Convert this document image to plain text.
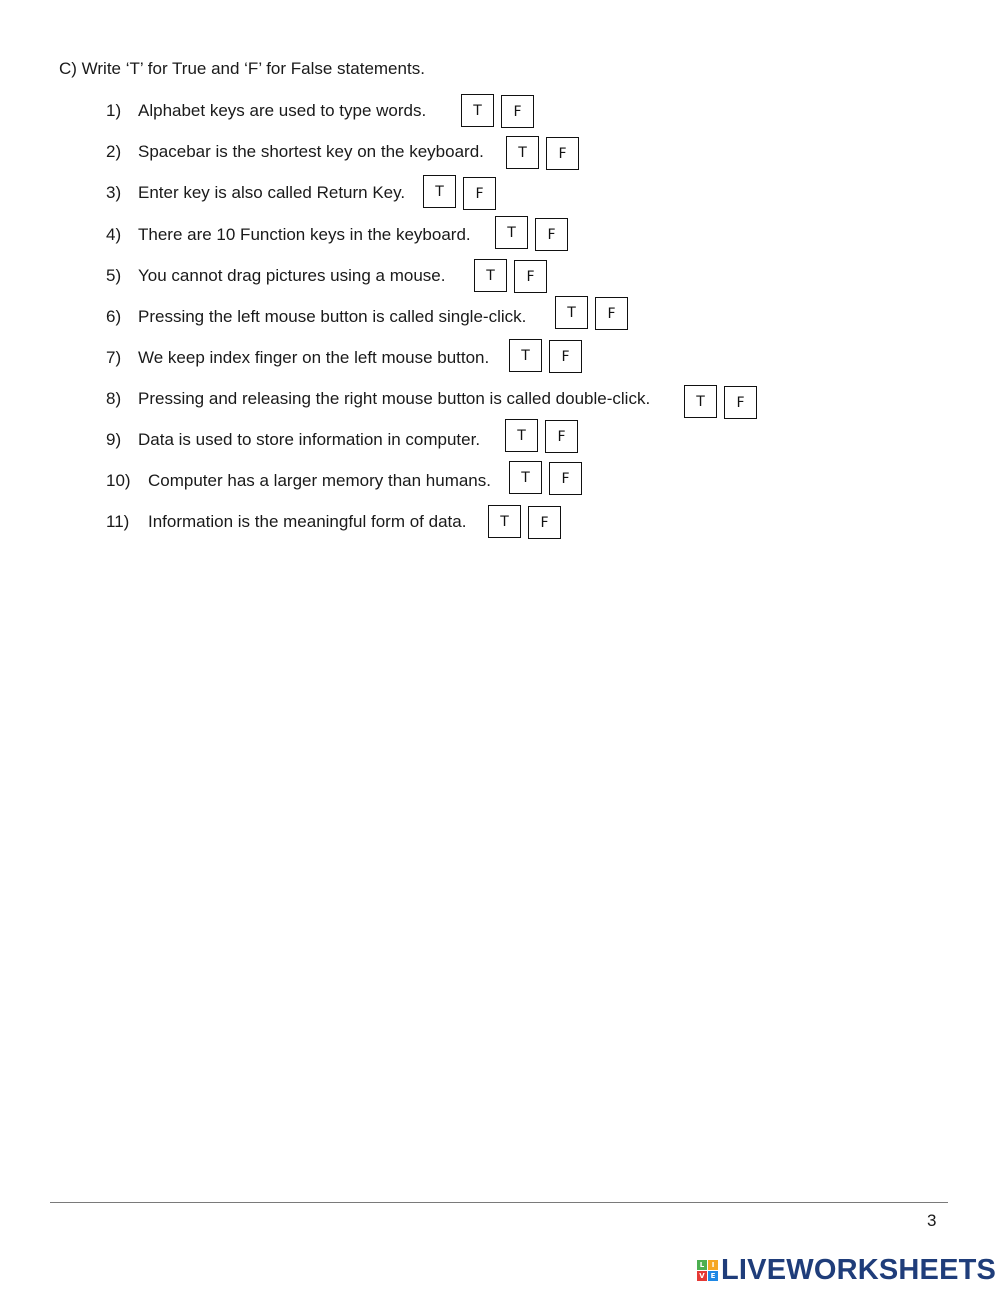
C) Write ‘T’ for True and ‘F’ for False statements.
1) Alphabet keys are used to type words.	T	F
2) Spacebar is the shortest key on the keyboard.	T	F
3) Enter key is also called Return Key.	T	F
4) There are 10 Function keys in the keyboard.	T	F
5) You cannot drag pictures using a mouse.	T	F
6) Pressing the left mouse button is called single-click.	T	F
7) We keep index finger on the left mouse button.	T	F
8) Pressing and releasing the right mouse button is called double-click.	T	F
9) Data is used to store information in computer.	T	F
10) Computer has a larger memory than humans.	T	F
11) Information is the meaningful form of data.	T	F
3
L	I
V E LIVEWORKSHEETS
